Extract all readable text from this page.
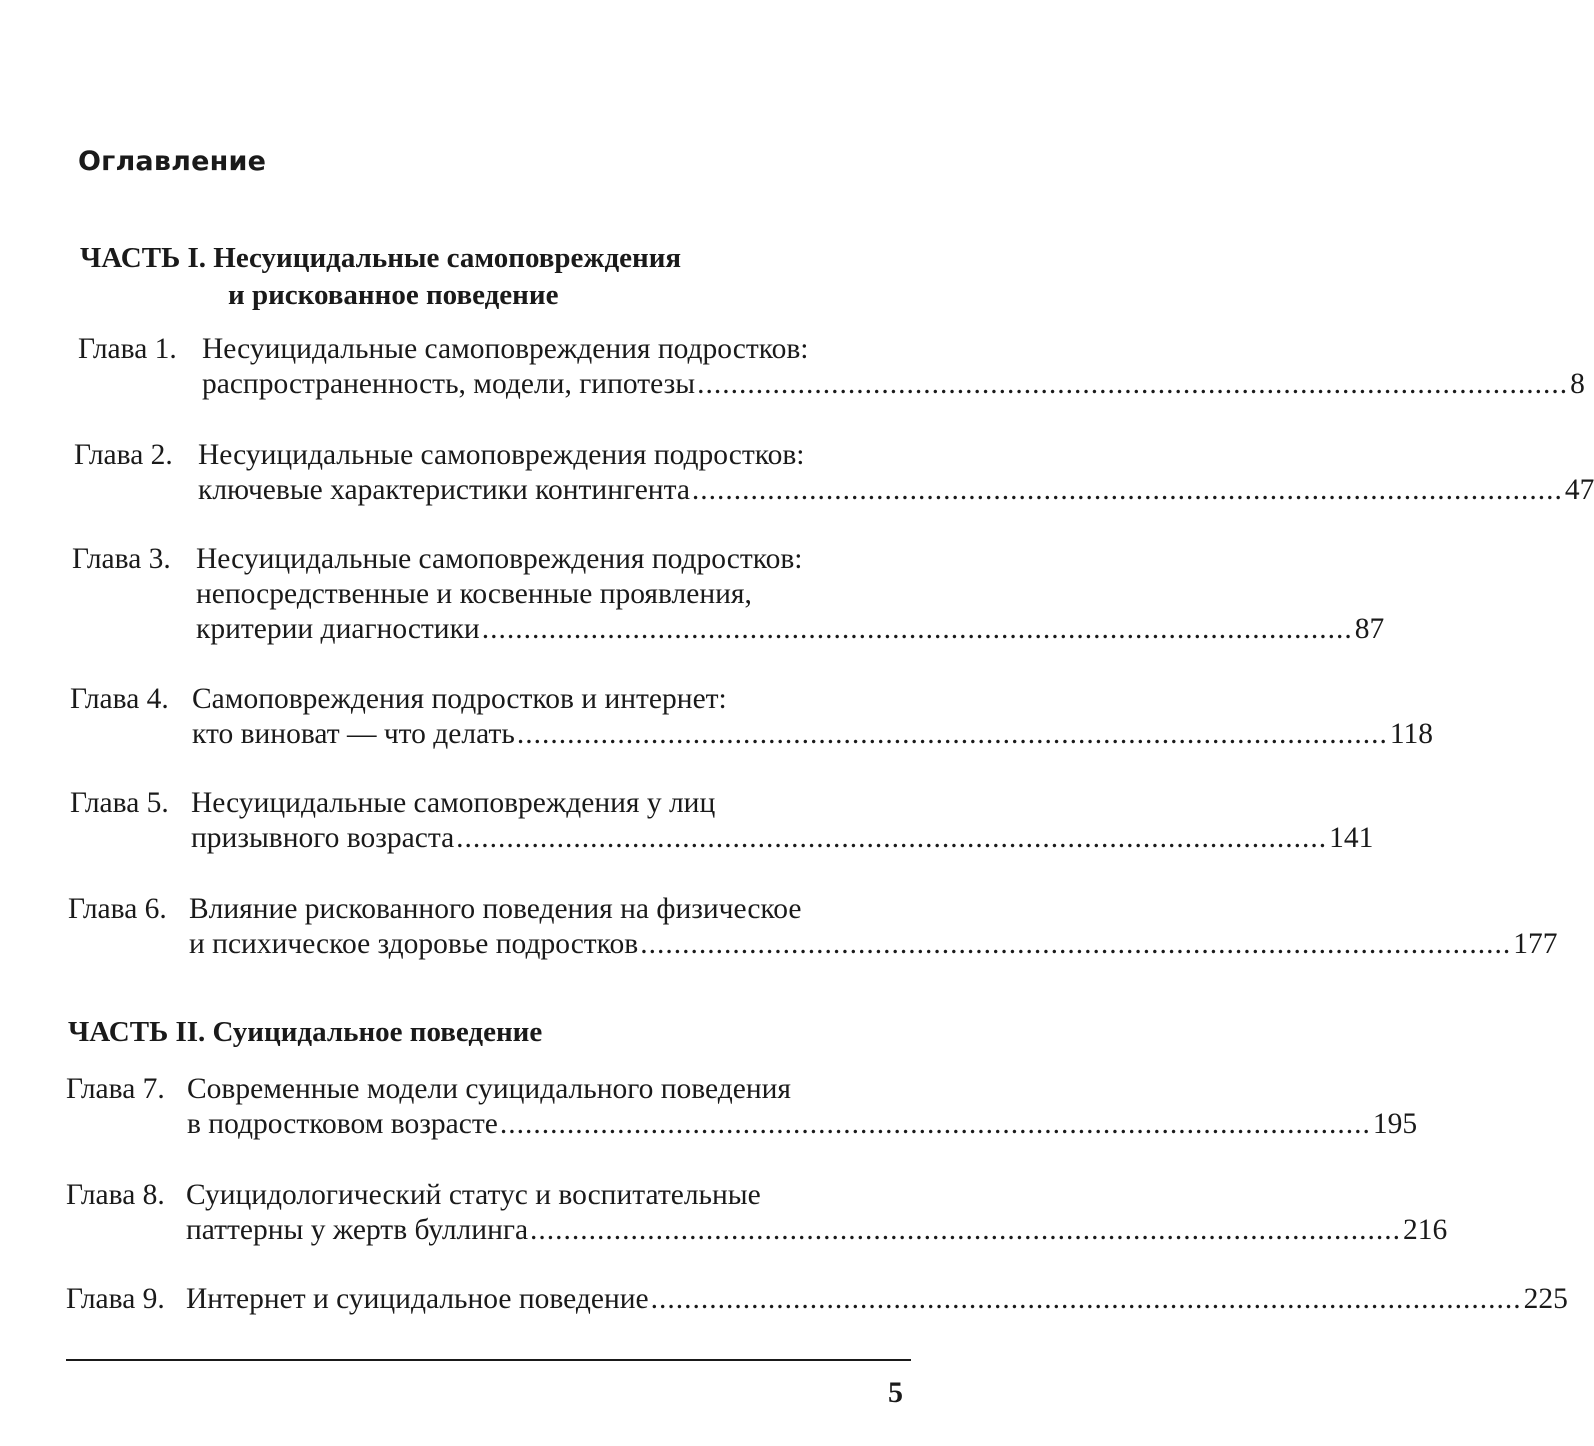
Оглавление
ЧАСТЬ I. Несуицидальные самоповреждения
и рискованное поведение
Глава 1. Несуицидальные самоповреждения подростков:
распространенность, модели, гипотезы ........................................................................................................ 8
Глава 2. Несуицидальные самоповреждения подростков:
ключевые характеристики контингента ........................................................................................................ 47
Глава 3. Несуицидальные самоповреждения подростков:
непосредственные и косвенные проявления,
критерии диагностики ........................................................................................................ 87
Глава 4. Самоповреждения подростков и интернет:
кто виноват — что делать ........................................................................................................ 118
Глава 5. Несуицидальные самоповреждения у лиц
призывного возраста ........................................................................................................ 141
Глава 6. Влияние рискованного поведения на физическое
и психическое здоровье подростков ........................................................................................................ 177
ЧАСТЬ II. Суицидальное поведение
Глава 7. Современные модели суицидального поведения
в подростковом возрасте ........................................................................................................ 195
Глава 8. Суицидологический статус и воспитательные
паттерны у жертв буллинга ........................................................................................................ 216
Глава 9. Интернет и суицидальное поведение ........................................................................................................ 225
5
